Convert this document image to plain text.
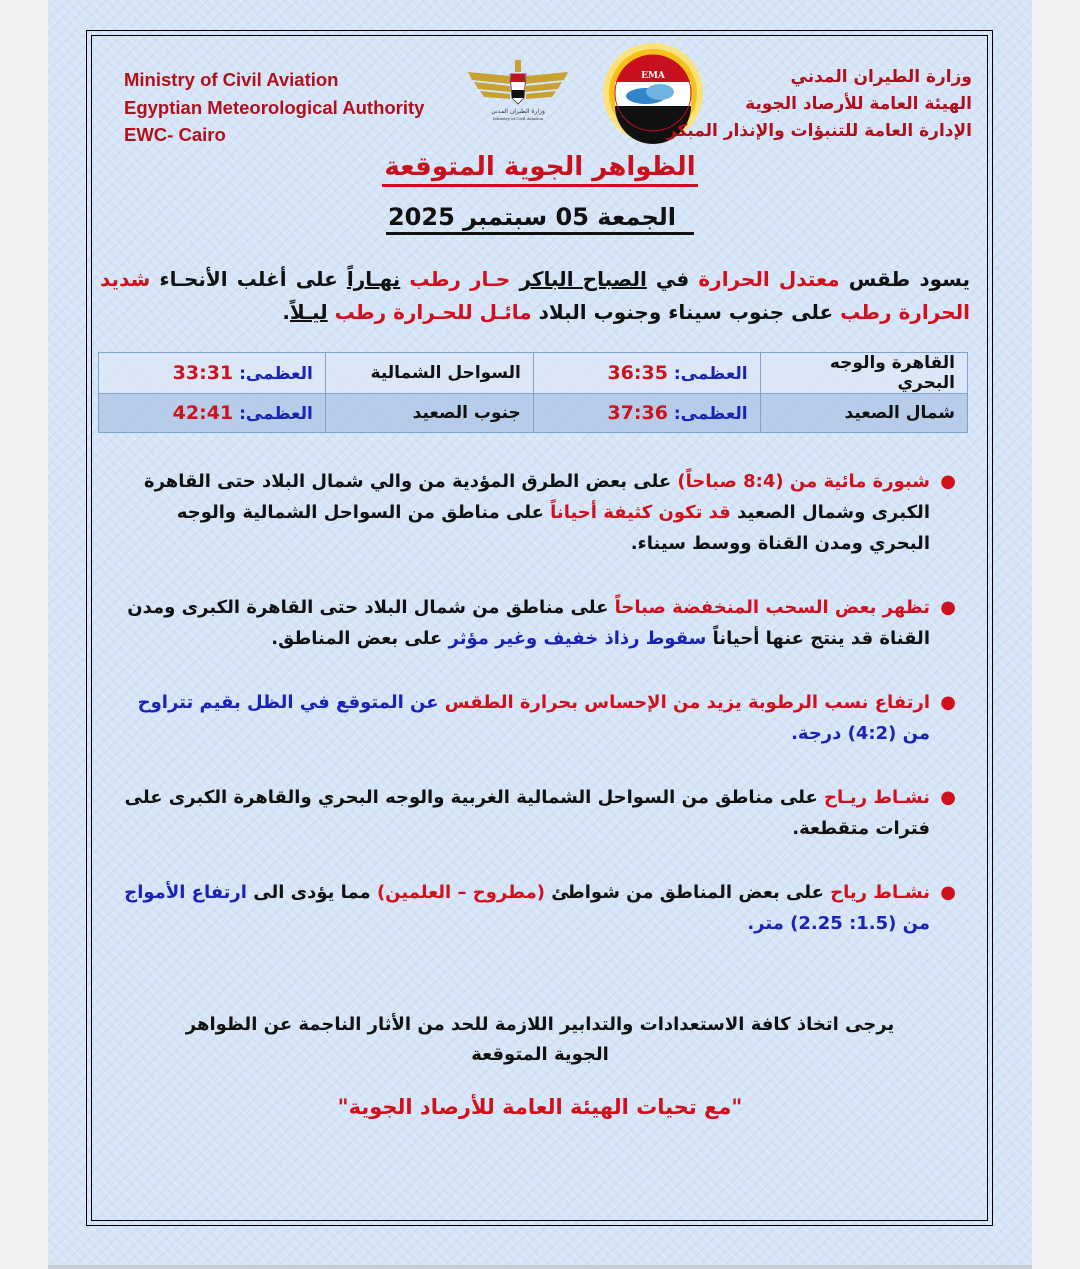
Ministry of Civil Aviation
Egyptian Meteorological Authority
EWC- Cairo
وزارة الطيران المدني
Ministry of Civil Aviation
EMA	وزارة الطيران المدني
الهيئة العامة للأرصاد الجوية
الإدارة العامة للتنبؤات والإنذار المبكر
الظواهر الجوية المتوقعة
الجمعة 05 سبتمبر 2025
يسود طقس معتدل الحرارة في الصباح الباكر حـار رطب نهـاراً على أغلب الأنحـاء شديد الحرارة رطب على جنوب سيناء وجنوب البلاد مائـل للحـرارة رطب ليـلاً.
القاهرة والوجه البحري	العظمى: 36:35	السواحل الشمالية	العظمى: 33:31
شمال الصعيد	العظمى: 37:36	جنوب الصعيد	العظمى: 42:41
●
شبورة مائية من (8:4 صباحاً) على بعض الطرق المؤدية من والي شمال البلاد حتى القاهرة الكبرى وشمال الصعيد قد تكون كثيفة أحياناً على مناطق من السواحل الشمالية والوجه البحري ومدن القناة ووسط سيناء.
●
تظهر بعض السحب المنخفضة صباحاً على مناطق من شمال البلاد حتى القاهرة الكبرى ومدن القناة قد ينتج عنها أحياناً سقوط رذاذ خفيف وغير مؤثر على بعض المناطق.
●
ارتفاع نسب الرطوبة يزيد من الإحساس بحرارة الطقس عن المتوقع في الظل بقيم تتراوح من (4:2) درجة.
●
نشـاط ريـاح على مناطق من السواحل الشمالية الغربية والوجه البحري والقاهرة الكبرى على فترات متقطعة.
●
نشـاط رياح على بعض المناطق من شواطئ (مطروح – العلمين) مما يؤدى الى ارتفاع الأمواج من (1.5: 2.25) متر.
يرجى اتخاذ كافة الاستعدادات والتدابير اللازمة للحد من الأثار الناجمة عن الظواهر الجوية المتوقعة
"مع تحيات الهيئة العامة للأرصاد الجوية"
